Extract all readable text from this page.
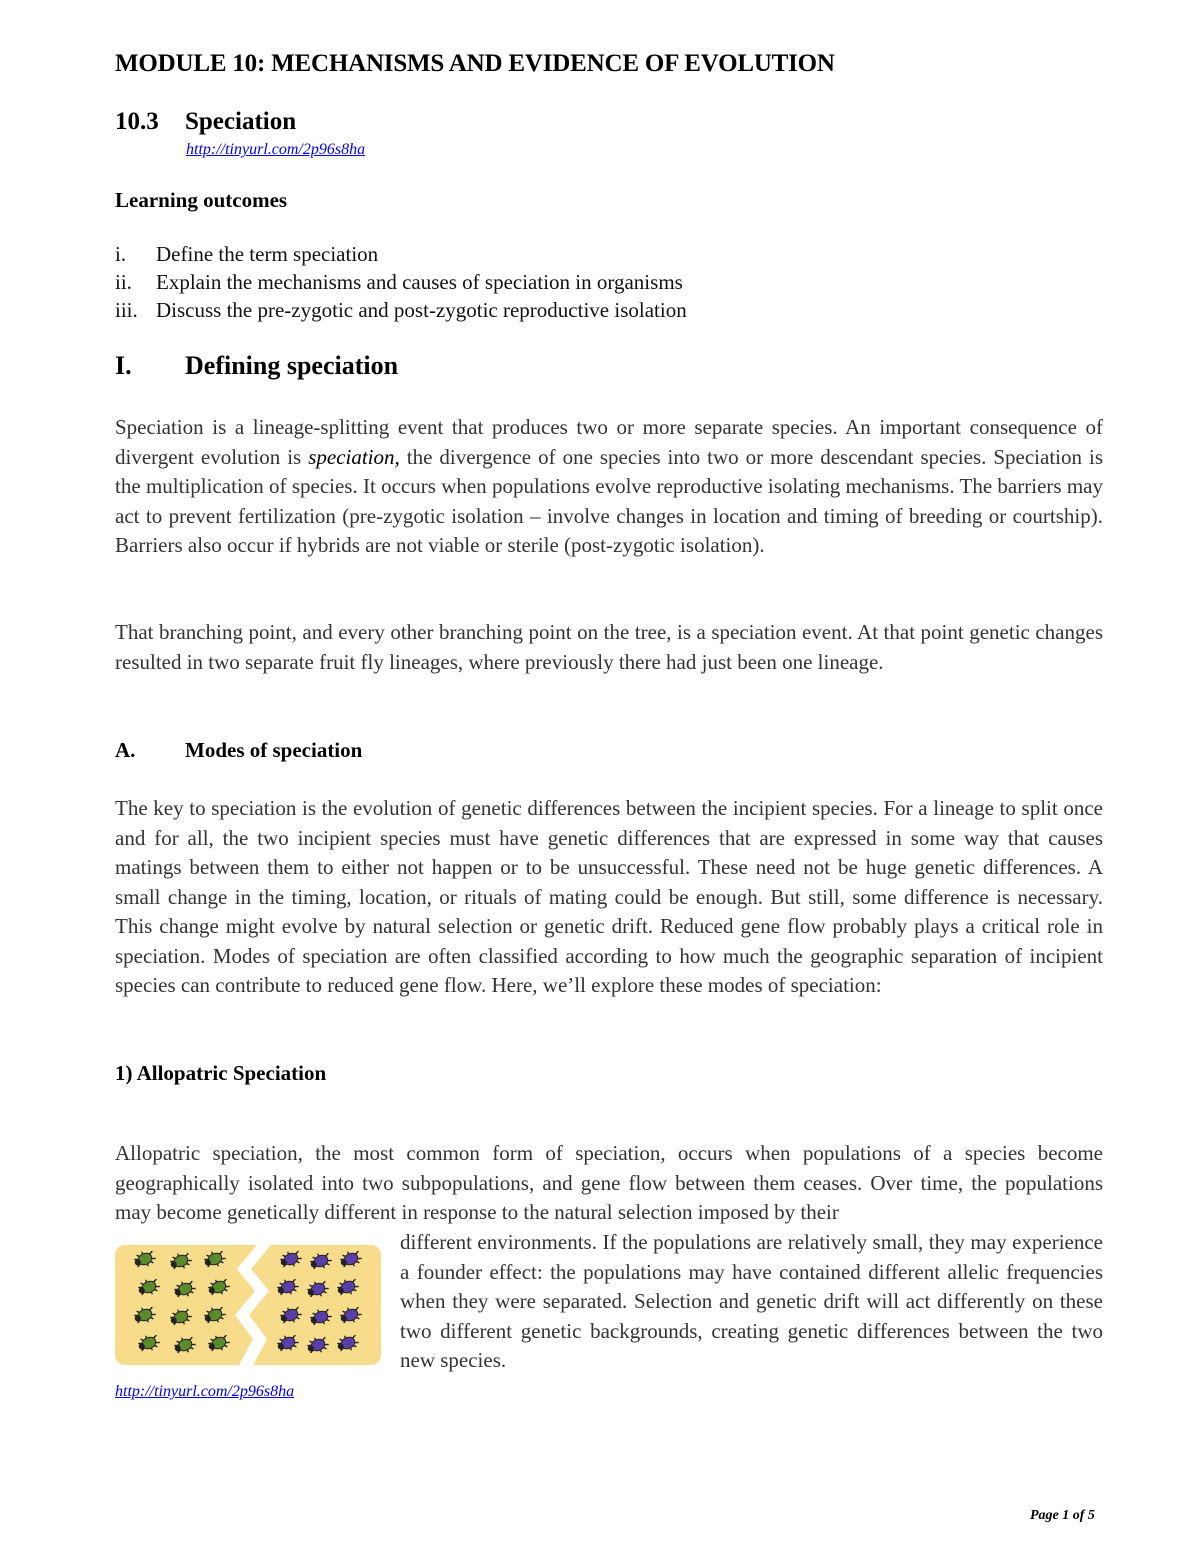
MODULE 10: MECHANISMS AND EVIDENCE OF EVOLUTION
10.3 Speciation
http://tinyurl.com/2p96s8ha
Learning outcomes
i. Define the term speciation
ii. Explain the mechanisms and causes of speciation in organisms
iii. Discuss the pre-zygotic and post-zygotic reproductive isolation
I. Defining speciation
Speciation is a lineage-splitting event that produces two or more separate species. An important consequence of divergent evolution is speciation, the divergence of one species into two or more descendant species. Speciation is the multiplication of species. It occurs when populations evolve reproductive isolating mechanisms. The barriers may act to prevent fertilization (pre-zygotic isolation – involve changes in location and timing of breeding or courtship). Barriers also occur if hybrids are not viable or sterile (post-zygotic isolation).
That branching point, and every other branching point on the tree, is a speciation event. At that point genetic changes resulted in two separate fruit fly lineages, where previously there had just been one lineage.
A. Modes of speciation
The key to speciation is the evolution of genetic differences between the incipient species. For a lineage to split once and for all, the two incipient species must have genetic differences that are expressed in some way that causes matings between them to either not happen or to be unsuccessful. These need not be huge genetic differences. A small change in the timing, location, or rituals of mating could be enough. But still, some difference is necessary. This change might evolve by natural selection or genetic drift. Reduced gene flow probably plays a critical role in speciation. Modes of speciation are often classified according to how much the geographic separation of incipient species can contribute to reduced gene flow. Here, we’ll explore these modes of speciation:
1) Allopatric Speciation
Allopatric speciation, the most common form of speciation, occurs when populations of a species become geographically isolated into two subpopulations, and gene flow between them ceases. Over time, the populations may become genetically different in response to the natural selection imposed by their
http://tinyurl.com/2p96s8ha
different environments. If the populations are relatively small, they may experience a founder effect: the populations may have contained different allelic frequencies when they were separated. Selection and genetic drift will act differently on these two different genetic backgrounds, creating genetic differences between the two new species.
Page 1 of 5
